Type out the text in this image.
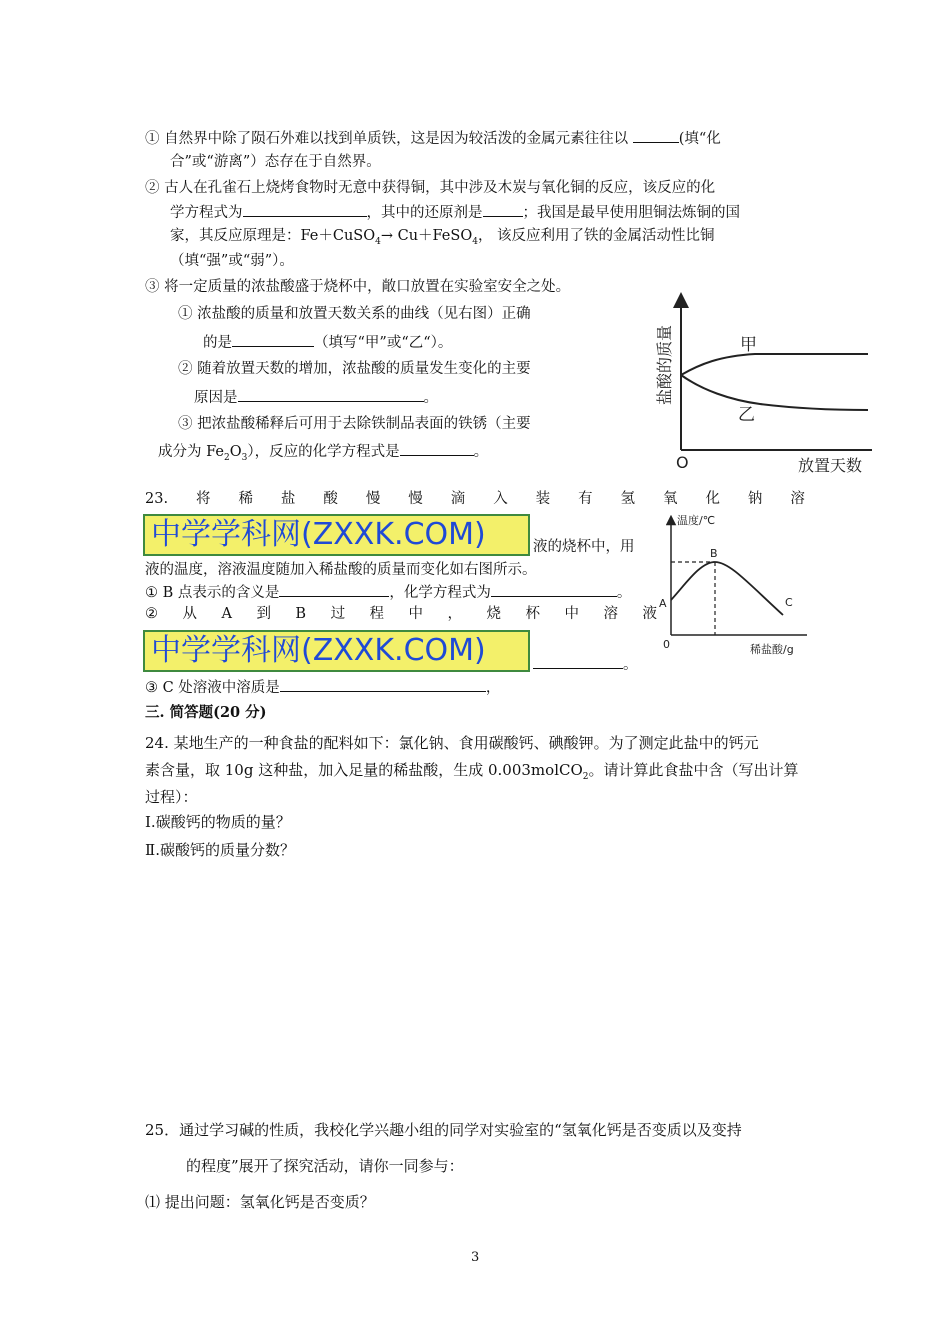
① 自然界中除了陨石外难以找到单质铁，这是因为较活泼的金属元素往往以	(填“化
合”或“游离”）态存在于自然界。
② 古人在孔雀石上烧烤食物时无意中获得铜，其中涉及木炭与氧化铜的反应，该反应的化
学方程式为	，其中的还原剂是	；我国是最早使用胆铜法炼铜的国
家，其反应原理是：Fe＋CuSO$_4$→ Cu＋FeSO$_4$， 该反应利用了铁的金属活动性比铜
（填“强”或“弱”）。
③ 将一定质量的浓盐酸盛于烧杯中，敞口放置在实验室安全之处。
① 浓盐酸的质量和放置天数关系的曲线（见右图）正确
的是	（填写“甲”或“乙“）。
② 随着放置天数的增加，浓盐酸的质量发生变化的主要
原因是	。
③ 把浓盐酸稀释后可用于去除铁制品表面的铁锈（主要
成分为 $Fe_2O_3$），反应的化学方程式是	。
甲
乙
O	放置天数
盐酸的质量
23. 将 稀 盐 酸 慢 慢 滴 入 装 有 氢 氧 化 钠 溶
中学学科网(ZXXK.COM)	液的烧杯中，用
液的温度，溶液温度随加入稀盐酸的质量而变化如右图所示。
① B 点表示的含义是	，化学方程式为	。
② 从 A 到 B 过 程 中 ， 烧 杯 中 溶 液
中学学科网(ZXXK.COM)	。
③ C 处溶液中溶质是	，
温度/℃
B
A	C
0	稀盐酸/g
三. 简答题(20 分)
24. 某地生产的一种食盐的配料如下：氯化钠、食用碳酸钙、碘酸钾。为了测定此盐中的钙元
素含量，取 10g 这种盐，加入足量的稀盐酸，生成 0.003molCO$_2$。请计算此食盐中含（写出计算
过程）：
I.碳酸钙的物质的量？
Ⅱ.碳酸钙的质量分数？
25．通过学习碱的性质，我校化学兴趣小组的同学对实验室的“氢氧化钙是否变质以及变持
的程度”展开了探究活动，请你一同参与：
⑴ 提出问题：氢氧化钙是否变质？
3
